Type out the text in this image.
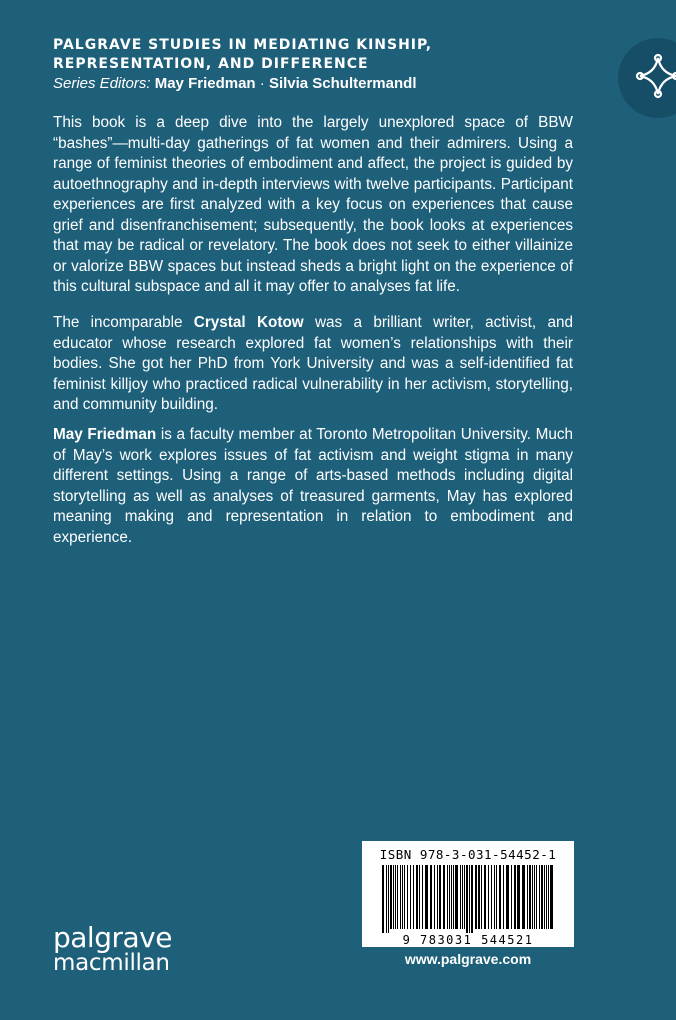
PALGRAVE STUDIES IN MEDIATING KINSHIP, REPRESENTATION, AND DIFFERENCE
Series Editors: May Friedman · Silvia Schultermandl
This book is a deep dive into the largely unexplored space of BBW “bashes”—multi-day gatherings of fat women and their admirers. Using a range of feminist theories of embodiment and affect, the project is guided by autoethnography and in-depth interviews with twelve participants. Participant experiences are first analyzed with a key focus on experiences that cause grief and disenfranchisement; subsequently, the book looks at experiences that may be radical or revelatory. The book does not seek to either villainize or valorize BBW spaces but instead sheds a bright light on the experience of this cultural subspace and all it may offer to analyses fat life.
The incomparable Crystal Kotow was a brilliant writer, activist, and educator whose research explored fat women’s relationships with their bodies. She got her PhD from York University and was a self-identified fat feminist killjoy who practiced radical vulnerability in her activism, storytelling, and community building.
May Friedman is a faculty member at Toronto Metropolitan University. Much of May’s work explores issues of fat activism and weight stigma in many different settings. Using a range of arts-based methods including digital storytelling as well as analyses of treasured garments, May has explored meaning making and representation in relation to embodiment and experience.
ISBN 978-3-031-54452-1
9 783031 544521
www.palgrave.com
palgrave
macmillan
